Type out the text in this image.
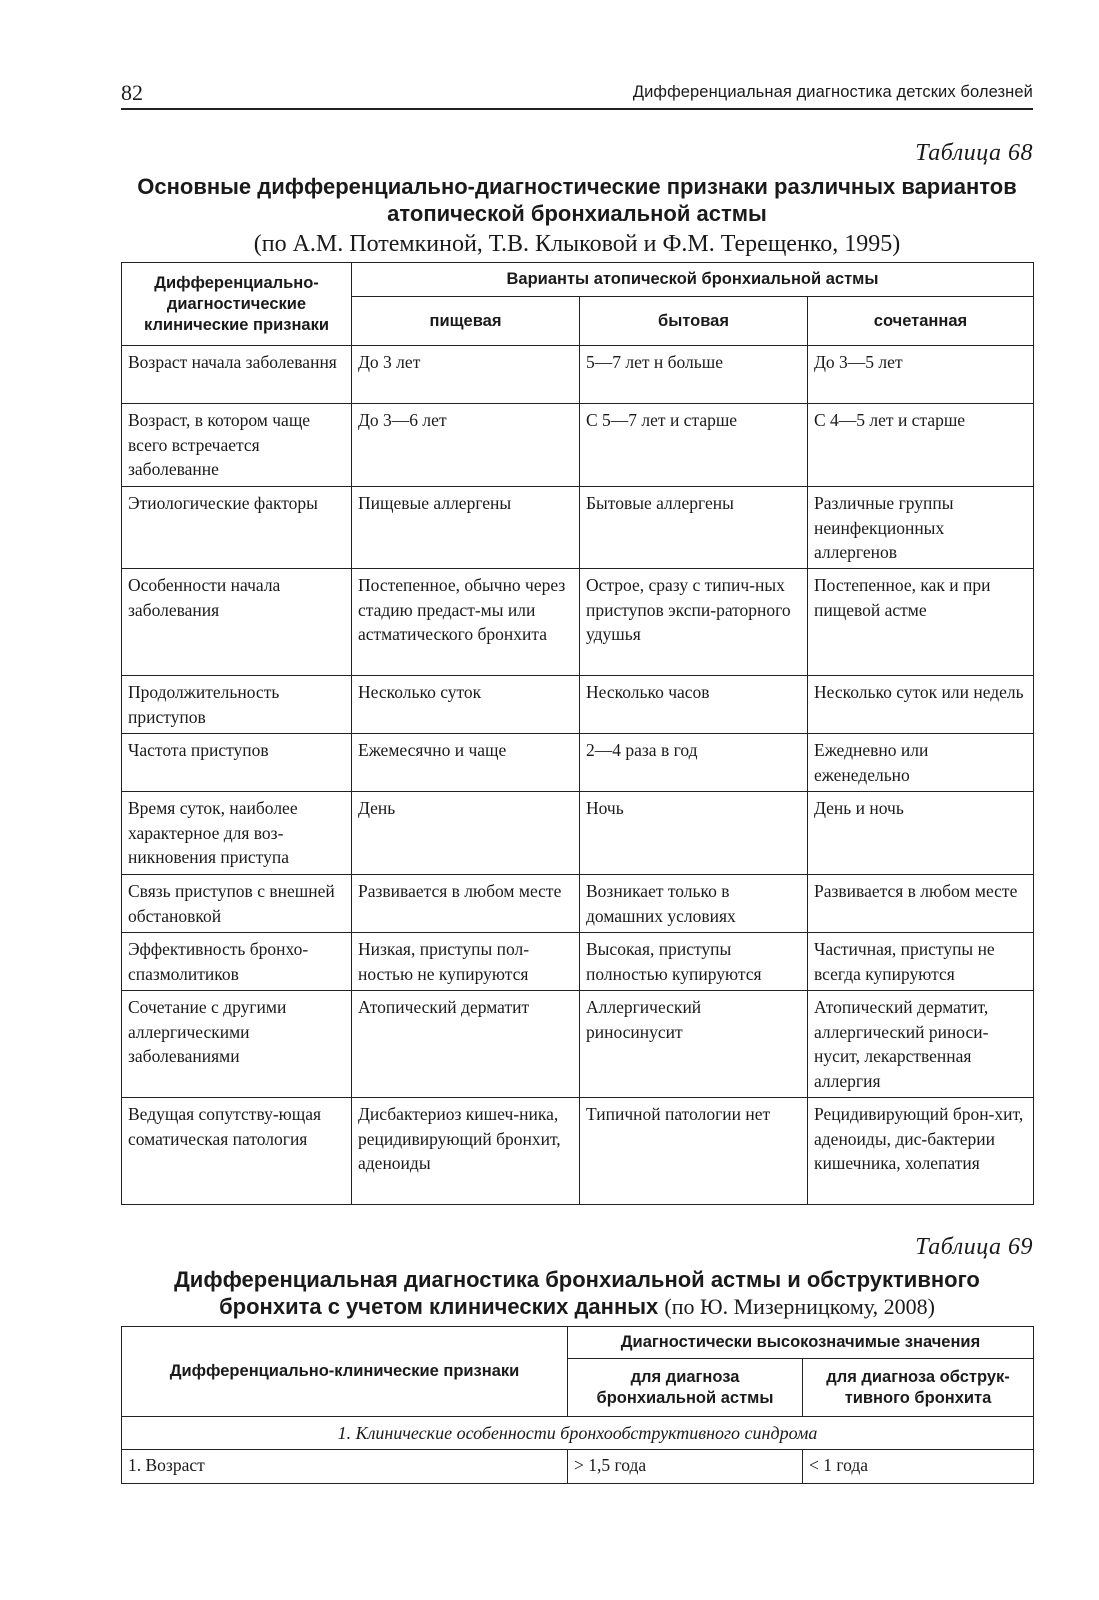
82	Дифференциальная диагностика детских болезней
Таблица 68
Основные дифференциально-диагностические признаки различных вариантов
атопической бронхиальной астмы
(по А.М. Потемкиной, Т.В. Клыковой и Ф.М. Терещенко, 1995)
Дифференциально-диагностические клинические признаки	Варианты атопической бронхиальной астмы		
	пищевая	бытовая	сочетанная
Возраст начала заболевання	До 3 лет	5—7 лет н больше	До 3—5 лет
Возраст, в котором чаще всего встречается заболеванне	До 3—6 лет	С 5—7 лет и старше	С 4—5 лет и старше
Этиологические факторы	Пищевые аллергены	Бытовые аллергены	Различные группы неинфекционных аллергенов
Особенности начала заболевания	Постепенное, обычно через стадию предаст-мы или астматического бронхита	Острое, сразу с типич-ных приступов экспи-раторного удушья	Постепенное, как и при пищевой астме
Продолжительность приступов	Несколько суток	Несколько часов	Несколько суток или недель
Частота приступов	Ежемесячно и чаще	2—4 раза в год	Ежедневно или еженедельно
Время суток, наиболее характерное для воз-никновения приступа	День	Ночь	День и ночь
Связь приступов с внешней обстановкой	Развивается в любом месте	Возникает только в домашних условиях	Развивается в любом месте
Эффективность бронхо-спазмолитиков	Низкая, приступы пол-ностью не купируются	Высокая, приступы полностью купируются	Частичная, приступы не всегда купируются
Сочетание с другими аллергическими заболеваниями	Атопический дерматит	Аллергический риносинусит	Атопический дерматит, аллергический риноси-нусит, лекарственная аллергия
Ведущая сопутству-ющая соматическая патология	Дисбактериоз кишеч-ника, рецидивирующий бронхит, аденоиды	Типичной патологии нет	Рецидивирующий брон-хит, аденоиды, дис-бактерии кишечника, холепатия
Таблица 69
Дифференциальная диагностика бронхиальной астмы и обструктивного
бронхита с учетом клинических данных (по Ю. Мизерницкому, 2008)
Дифференциально-клинические признаки	Диагностически высокозначимые значения	
	для диагноза бронхиальной астмы	для диагноза обструк-тивного бронхита
1. Клинические особенности бронхообструктивного синдрома		
1. Возраст	> 1,5 года	< 1 года
